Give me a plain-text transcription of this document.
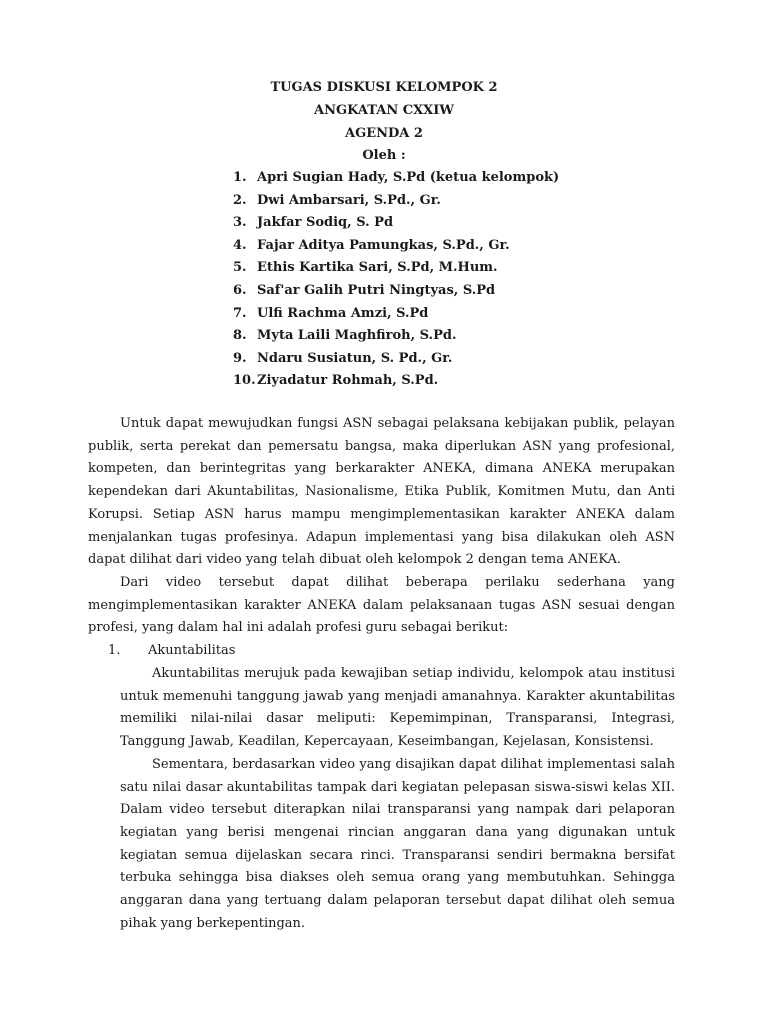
TUGAS DISKUSI KELOMPOK 2
ANGKATAN CXXIW
AGENDA 2
Oleh :
1. Apri Sugian Hady, S.Pd (ketua kelompok)
2. Dwi Ambarsari, S.Pd., Gr.
3. Jakfar Sodiq, S. Pd
4. Fajar Aditya Pamungkas, S.Pd., Gr.
5. Ethis Kartika Sari, S.Pd, M.Hum.
6. Saf'ar Galih Putri Ningtyas, S.Pd
7. Ulfi Rachma Amzi, S.Pd
8. Myta Laili Maghfiroh, S.Pd.
9. Ndaru Susiatun, S. Pd., Gr.
10.Ziyadatur Rohmah, S.Pd.

Untuk dapat mewujudkan fungsi ASN sebagai pelaksana kebijakan publik, pelayan publik, serta perekat dan pemersatu bangsa, maka diperlukan ASN yang profesional, kompeten, dan berintegritas yang berkarakter ANEKA, dimana ANEKA merupakan kependekan dari Akuntabilitas, Nasionalisme, Etika Publik, Komitmen Mutu, dan Anti Korupsi. Setiap ASN harus mampu mengimplementasikan karakter ANEKA dalam menjalankan tugas profesinya. Adapun implementasi yang bisa dilakukan oleh ASN dapat dilihat dari video yang telah dibuat oleh kelompok 2 dengan tema ANEKA.

Dari video tersebut dapat dilihat beberapa perilaku sederhana yang mengimplementasikan karakter ANEKA dalam pelaksanaan tugas ASN sesuai dengan profesi, yang dalam hal ini adalah profesi guru sebagai berikut:

1. Akuntabilitas

Akuntabilitas merujuk pada kewajiban setiap individu, kelompok atau institusi untuk memenuhi tanggung jawab yang menjadi amanahnya. Karakter akuntabilitas memiliki nilai-nilai dasar meliputi: Kepemimpinan, Transparansi, Integrasi, Tanggung Jawab, Keadilan, Kepercayaan, Keseimbangan, Kejelasan, Konsistensi.

Sementara, berdasarkan video yang disajikan dapat dilihat implementasi salah satu nilai dasar akuntabilitas tampak dari kegiatan pelepasan siswa-siswi kelas XII. Dalam video tersebut diterapkan nilai transparansi yang nampak dari pelaporan kegiatan yang berisi mengenai rincian anggaran dana yang digunakan untuk kegiatan semua dijelaskan secara rinci. Transparansi sendiri bermakna bersifat terbuka sehingga bisa diakses oleh semua orang yang membutuhkan. Sehingga anggaran dana yang tertuang dalam pelaporan tersebut dapat dilihat oleh semua pihak yang berkepentingan.
